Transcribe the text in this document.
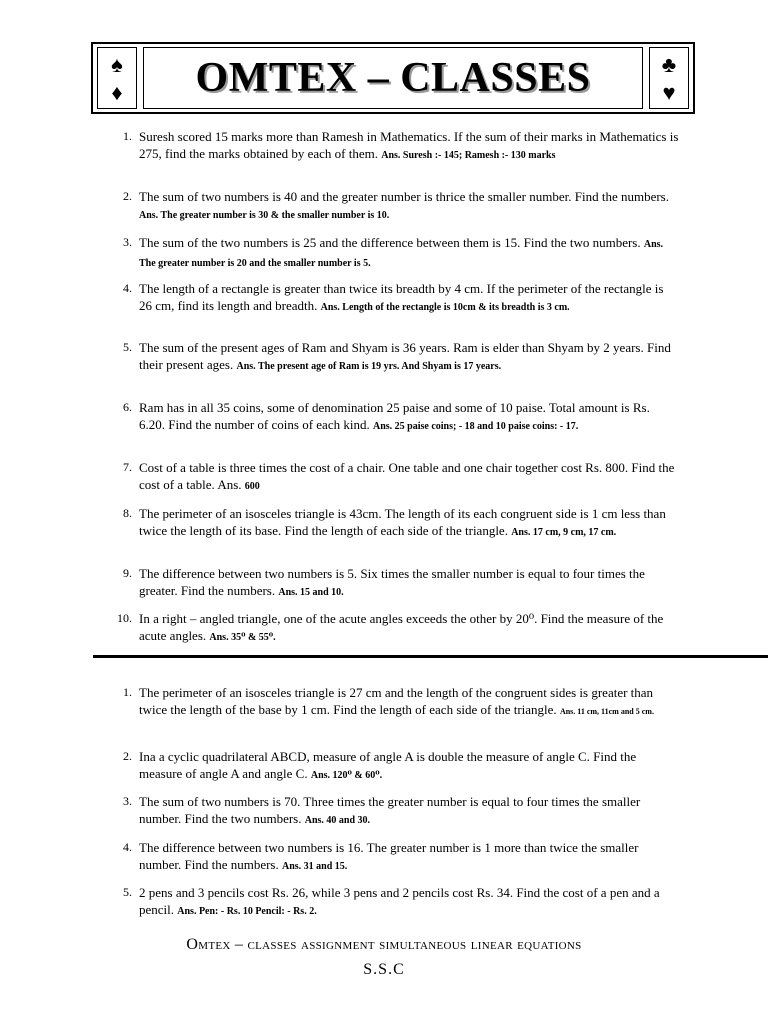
♠
♦	OMTEX – CLASSES	♣
♥
1. Suresh scored 15 marks more than Ramesh in Mathematics. If the sum of their marks in Mathematics is 275, find the marks obtained by each of them. Ans. Suresh :- 145; Ramesh :- 130 marks
2. The sum of two numbers is 40 and the greater number is thrice the smaller number. Find the numbers. Ans. The greater number is 30 & the smaller number is 10.
3. The sum of the two numbers is 25 and the difference between them is 15. Find the two numbers. Ans. The greater number is 20 and the smaller number is 5.
4. The length of a rectangle is greater than twice its breadth by 4 cm. If the perimeter of the rectangle is 26 cm, find its length and breadth. Ans. Length of the rectangle is 10cm & its breadth is 3 cm.
5. The sum of the present ages of Ram and Shyam is 36 years. Ram is elder than Shyam by 2 years. Find their present ages. Ans. The present age of Ram is 19 yrs. And Shyam is 17 years.
6. Ram has in all 35 coins, some of denomination 25 paise and some of 10 paise. Total amount is Rs. 6.20. Find the number of coins of each kind. Ans. 25 paise coins; - 18 and 10 paise coins: - 17.
7. Cost of a table is three times the cost of a chair. One table and one chair together cost Rs. 800. Find the cost of a table. Ans. 600
8. The perimeter of an isosceles triangle is 43cm. The length of its each congruent side is 1 cm less than twice the length of its base. Find the length of each side of the triangle. Ans. 17 cm, 9 cm, 17 cm.
9. The difference between two numbers is 5. Six times the smaller number is equal to four times the greater. Find the numbers. Ans. 15 and 10.
10. In a right – angled triangle, one of the acute angles exceeds the other by 20⁰. Find the measure of the acute angles. Ans. 35⁰ & 55⁰.
1. The perimeter of an isosceles triangle is 27 cm and the length of the congruent sides is greater than twice the length of the base by 1 cm. Find the length of each side of the triangle. Ans. 11 cm, 11cm and 5 cm.
2. Ina a cyclic quadrilateral ABCD, measure of angle A is double the measure of angle C. Find the measure of angle A and angle C. Ans. 120⁰ & 60⁰.
3. The sum of two numbers is 70. Three times the greater number is equal to four times the smaller number. Find the two numbers. Ans. 40 and 30.
4. The difference between two numbers is 16. The greater number is 1 more than twice the smaller number. Find the numbers. Ans. 31 and 15.
5. 2 pens and 3 pencils cost Rs. 26, while 3 pens and 2 pencils cost Rs. 34. Find the cost of a pen and a pencil. Ans. Pen: - Rs. 10 Pencil: - Rs. 2.
Omtex – classes assignment simultaneous linear equations
S.S.C
